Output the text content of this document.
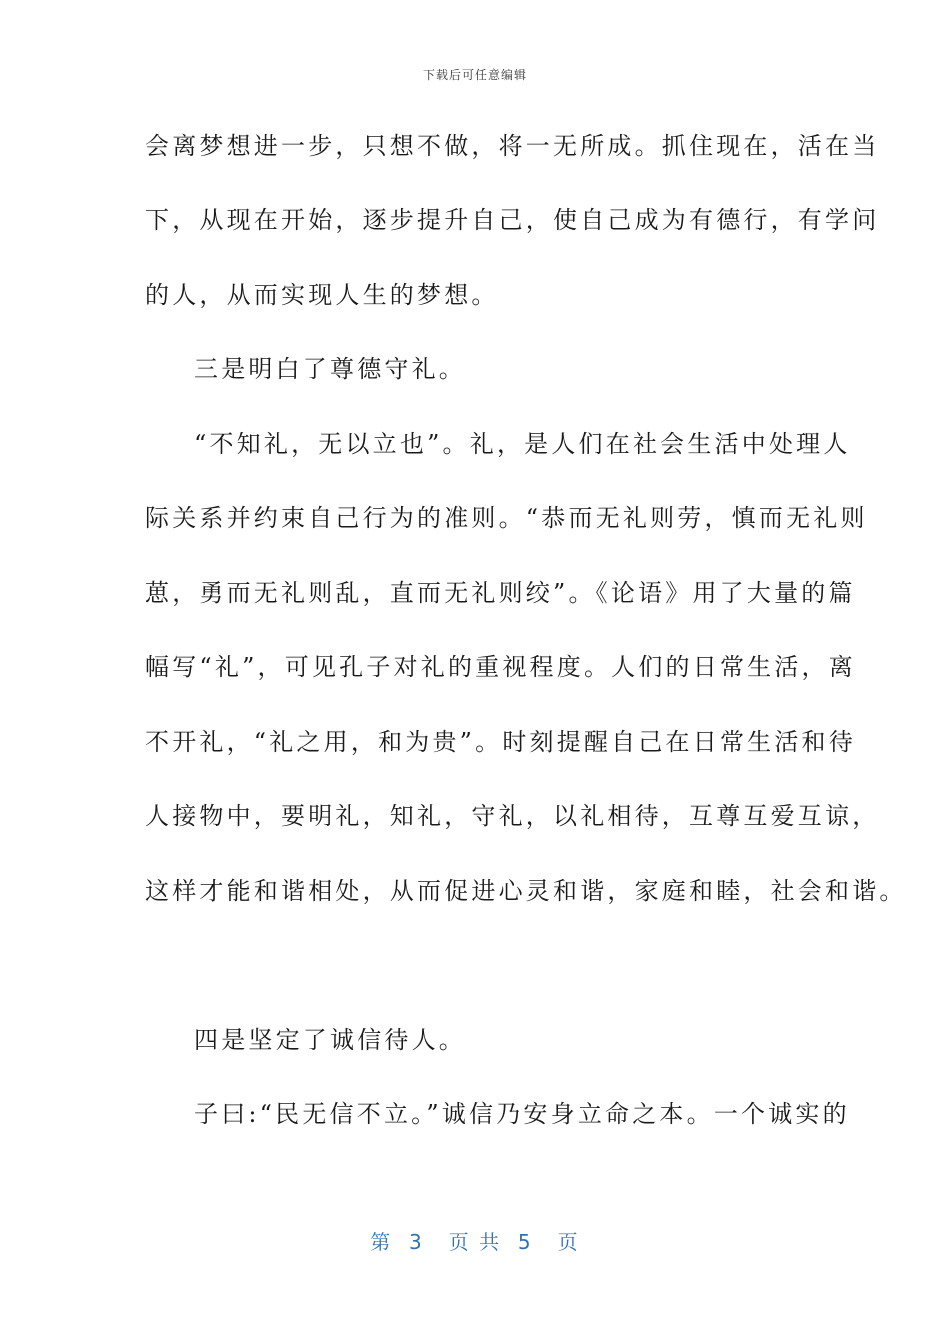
下载后可任意编辑
会离梦想进一步，只想不做，将一无所成。抓住现在，活在当
下，从现在开始，逐步提升自己，使自己成为有德行，有学问
的人，从而实现人生的梦想。
三是明白了尊德守礼。
“不知礼，无以立也”。礼，是人们在社会生活中处理人
际关系并约束自己行为的准则。“恭而无礼则劳，慎而无礼则
葸，勇而无礼则乱，直而无礼则绞”。《论语》用了大量的篇
幅写“礼”，可见孔子对礼的重视程度。人们的日常生活，离
不开礼，“礼之用，和为贵”。时刻提醒自己在日常生活和待
人接物中，要明礼，知礼，守礼，以礼相待，互尊互爱互谅，
这样才能和谐相处，从而促进心灵和谐，家庭和睦，社会和谐。
四是坚定了诚信待人。
子曰:“民无信不立。”诚信乃安身立命之本。一个诚实的
第  3   页 共  5   页
